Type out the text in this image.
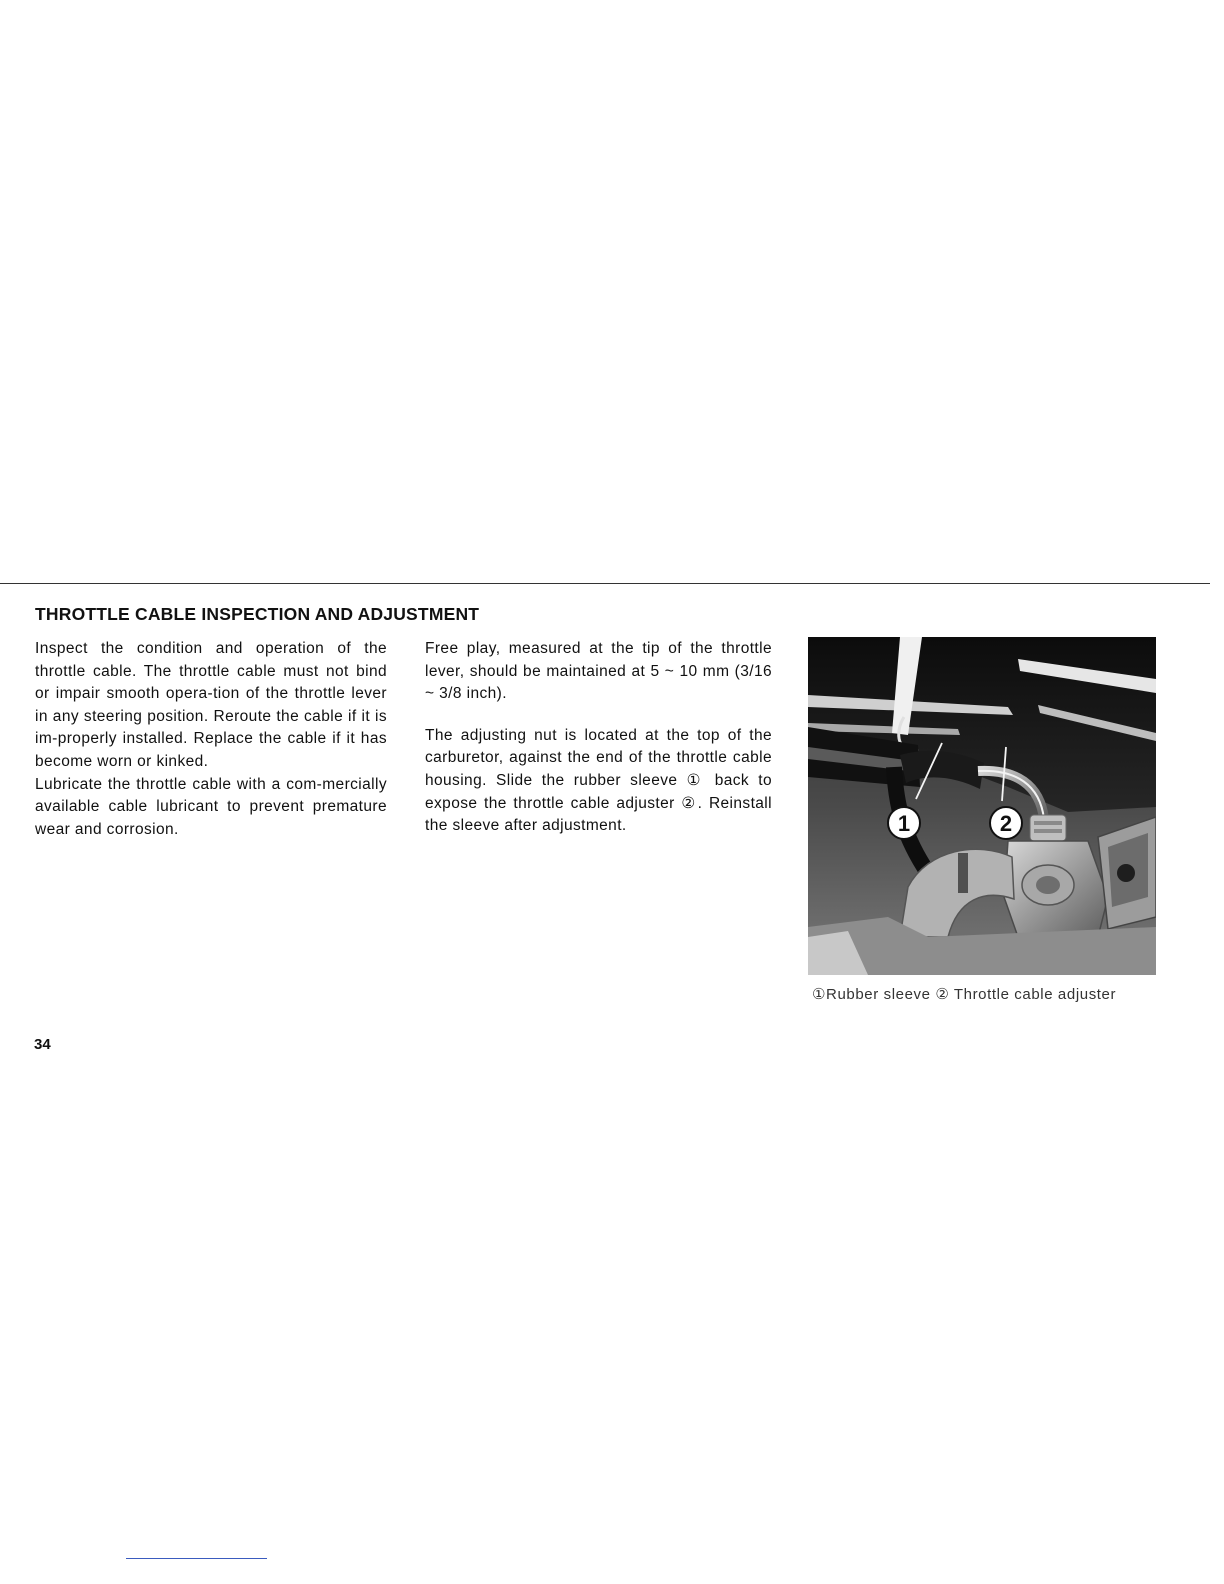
THROTTLE CABLE INSPECTION AND ADJUSTMENT

Inspect the condition and operation of the throttle cable. The throttle cable must not bind or impair smooth opera-tion of the throttle lever in any steering position. Reroute the cable if it is im-properly installed. Replace the cable if it has become worn or kinked.

Lubricate the throttle cable with a com-mercially available cable lubricant to prevent premature wear and corrosion.

Free play, measured at the tip of the throttle lever, should be maintained at 5 ~ 10 mm (3/16 ~ 3/8 inch).

The adjusting nut is located at the top of the carburetor, against the end of the throttle cable housing. Slide the rubber sleeve ① back to expose the throttle cable adjuster ②. Reinstall the sleeve after adjustment.	1	2
①Rubber sleeve ② Throttle cable adjuster
34
